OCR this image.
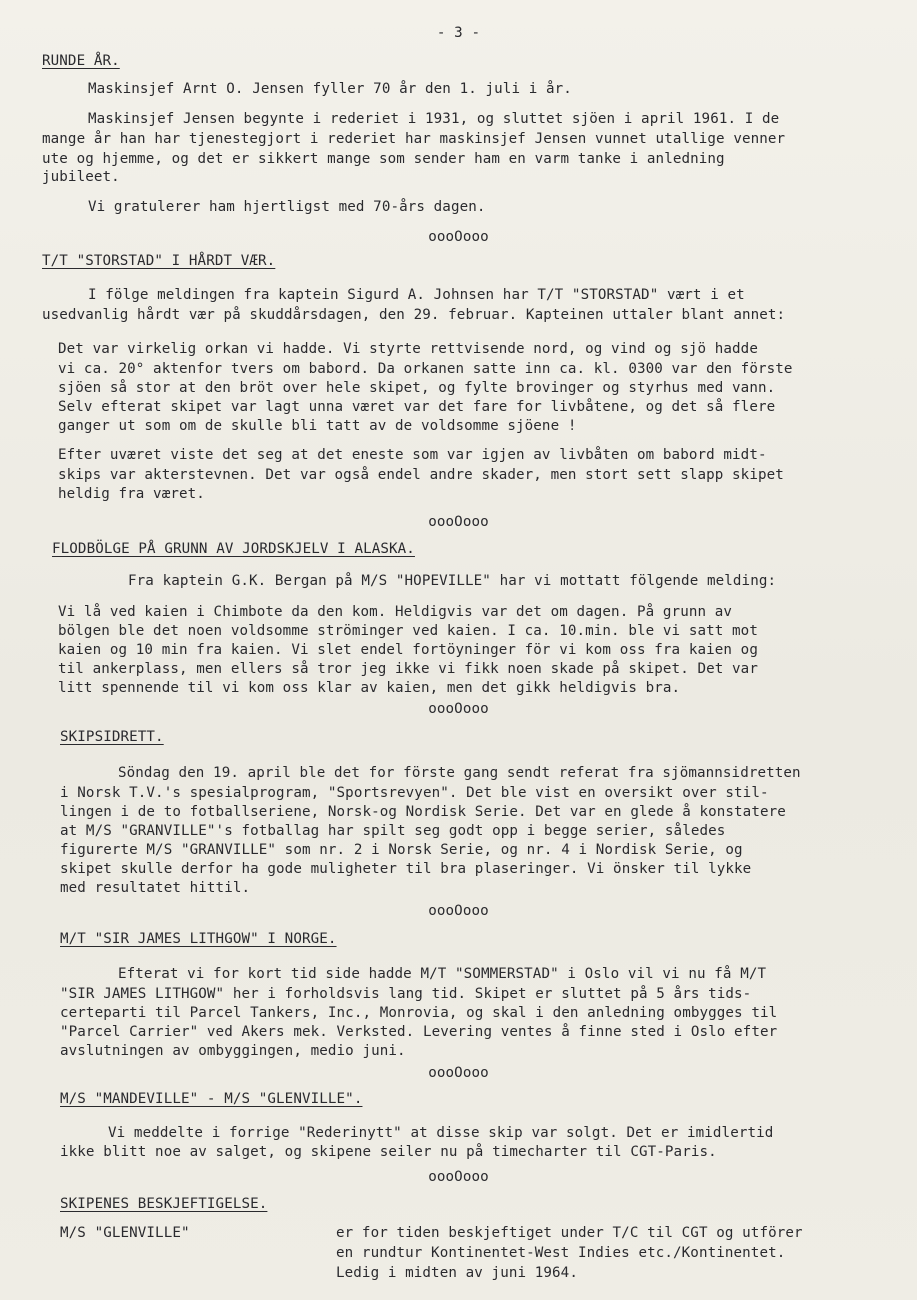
- 3 -
RUNDE ÅR.
Maskinsjef Arnt O. Jensen fyller 70 år den 1. juli i år.
Maskinsjef Jensen begynte i rederiet i 1931, og sluttet sjöen i april 1961. I de
mange år han har tjenestegjort i rederiet har maskinsjef Jensen vunnet utallige venner
ute og hjemme, og det er sikkert mange som sender ham en varm tanke i anledning
jubileet.
Vi gratulerer ham hjertligst med 70-års dagen.
oooOooo
T/T "STORSTAD" I HÅRDT VÆR.
I fölge meldingen fra kaptein Sigurd A. Johnsen har T/T "STORSTAD" vært i et
usedvanlig hårdt vær på skuddårsdagen, den 29. februar. Kapteinen uttaler blant annet:
Det var virkelig orkan vi hadde. Vi styrte rettvisende nord, og vind og sjö hadde
vi ca. 20° aktenfor tvers om babord. Da orkanen satte inn ca. kl. 0300 var den förste
sjöen så stor at den bröt over hele skipet, og fylte brovinger og styrhus med vann.
Selv efterat skipet var lagt unna været var det fare for livbåtene, og det så flere
ganger ut som om de skulle bli tatt av de voldsomme sjöene !
Efter uværet viste det seg at det eneste som var igjen av livbåten om babord midt-
skips var akterstevnen. Det var også endel andre skader, men stort sett slapp skipet
heldig fra været.
oooOooo
FLODBÖLGE PÅ GRUNN AV JORDSKJELV I ALASKA.
Fra kaptein G.K. Bergan på M/S "HOPEVILLE" har vi mottatt fölgende melding:
Vi lå ved kaien i Chimbote da den kom. Heldigvis var det om dagen. På grunn av
bölgen ble det noen voldsomme ströminger ved kaien. I ca. 10.min. ble vi satt mot
kaien og 10 min fra kaien. Vi slet endel fortöyninger för vi kom oss fra kaien og
til ankerplass, men ellers så tror jeg ikke vi fikk noen skade på skipet. Det var
litt spennende til vi kom oss klar av kaien, men det gikk heldigvis bra.
oooOooo
SKIPSIDRETT.
Söndag den 19. april ble det for förste gang sendt referat fra sjömannsidretten
i Norsk T.V.'s spesialprogram, "Sportsrevyen". Det ble vist en oversikt over stil-
lingen i de to fotballseriene, Norsk-og Nordisk Serie. Det var en glede å konstatere
at M/S "GRANVILLE"'s fotballag har spilt seg godt opp i begge serier, således
figurerte M/S "GRANVILLE" som nr. 2 i Norsk Serie, og nr. 4 i Nordisk Serie, og
skipet skulle derfor ha gode muligheter til bra plaseringer. Vi önsker til lykke
med resultatet hittil.
oooOooo
M/T "SIR JAMES LITHGOW" I NORGE.
Efterat vi for kort tid side hadde M/T "SOMMERSTAD" i Oslo vil vi nu få M/T
"SIR JAMES LITHGOW" her i forholdsvis lang tid. Skipet er sluttet på 5 års tids-
certeparti til Parcel Tankers, Inc., Monrovia, og skal i den anledning ombygges til
"Parcel Carrier" ved Akers mek. Verksted. Levering ventes å finne sted i Oslo efter
avslutningen av ombyggingen, medio juni.
oooOooo
M/S "MANDEVILLE" - M/S "GLENVILLE".
Vi meddelte i forrige "Rederinytt" at disse skip var solgt. Det er imidlertid
ikke blitt noe av salget, og skipene seiler nu på timecharter til CGT-Paris.
oooOooo
SKIPENES BESKJEFTIGELSE.
M/S "GLENVILLE"	er for tiden beskjeftiget under T/C til CGT og utförer
en rundtur Kontinentet-West Indies etc./Kontinentet.
Ledig i midten av juni 1964.
